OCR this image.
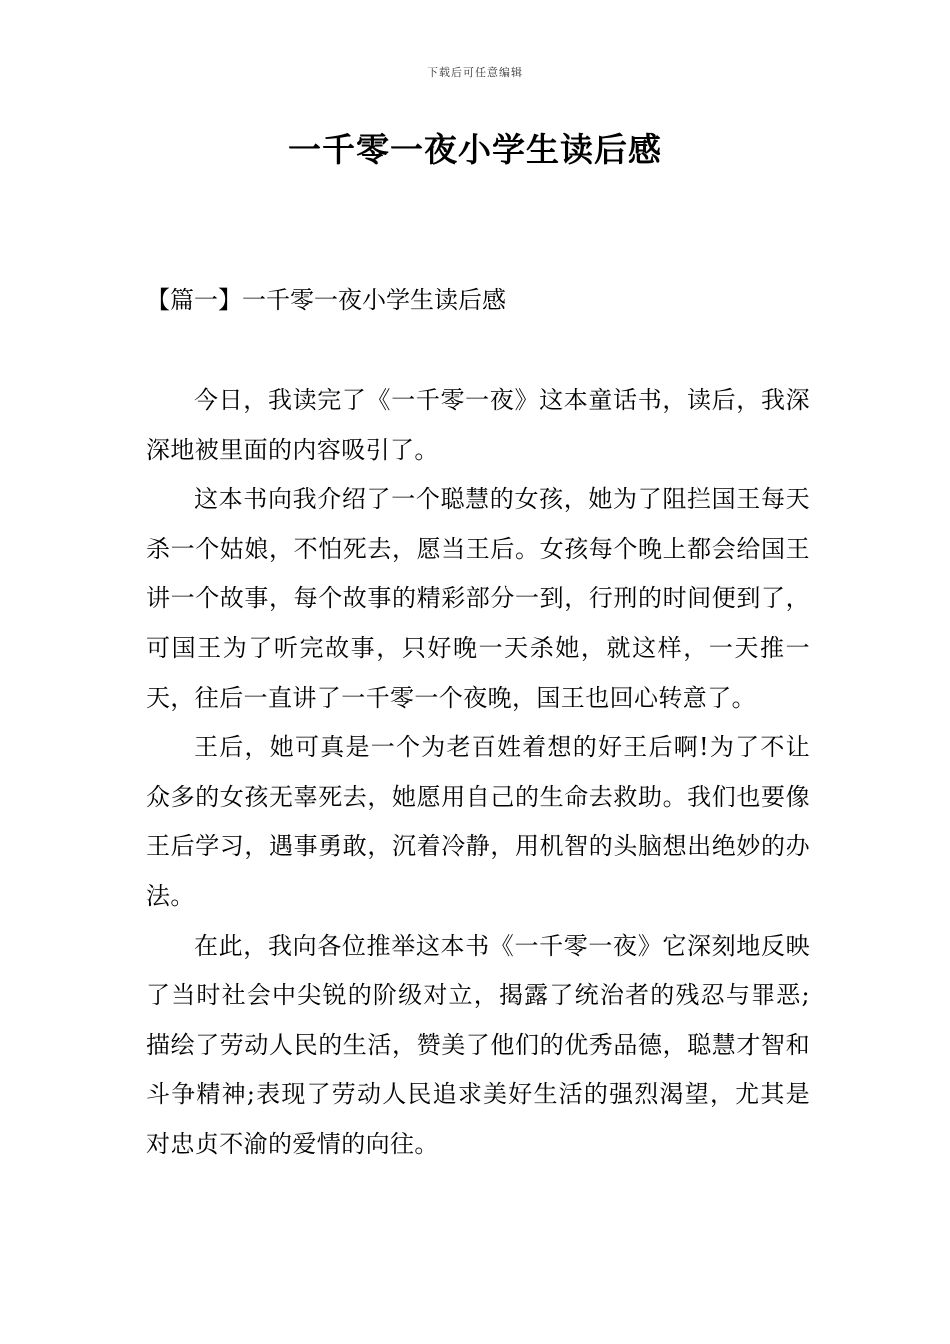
下载后可任意编辑
一千零一夜小学生读后感
【篇一】一千零一夜小学生读后感

今日，我读完了《一千零一夜》这本童话书，读后，我深深地被里面的内容吸引了。

这本书向我介绍了一个聪慧的女孩，她为了阻拦国王每天杀一个姑娘，不怕死去，愿当王后。女孩每个晚上都会给国王讲一个故事，每个故事的精彩部分一到，行刑的时间便到了，可国王为了听完故事，只好晚一天杀她，就这样，一天推一天，往后一直讲了一千零一个夜晚，国王也回心转意了。

王后，她可真是一个为老百姓着想的好王后啊!为了不让众多的女孩无辜死去，她愿用自己的生命去救助。我们也要像王后学习，遇事勇敢，沉着冷静，用机智的头脑想出绝妙的办法。

在此，我向各位推举这本书《一千零一夜》它深刻地反映了当时社会中尖锐的阶级对立，揭露了统治者的残忍与罪恶;描绘了劳动人民的生活，赞美了他们的优秀品德，聪慧才智和斗争精神;表现了劳动人民追求美好生活的强烈渴望，尤其是对忠贞不渝的爱情的向往。
